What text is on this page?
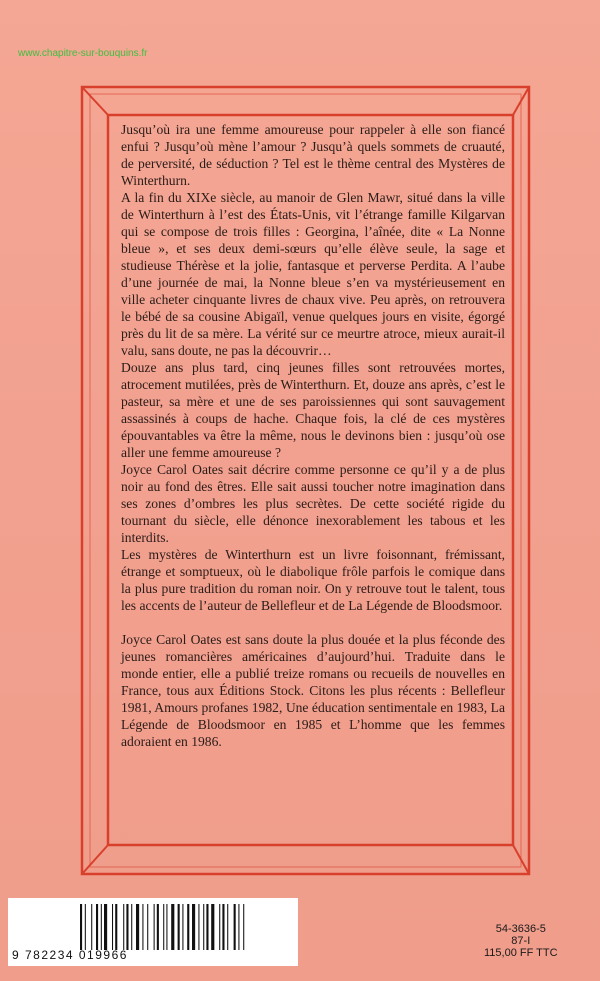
www.chapitre-sur-bouquins.fr

Jusqu’où ira une femme amoureuse pour rappeler à elle son fiancé enfui ? Jusqu’où mène l’amour ? Jusqu’à quels sommets de cruauté, de perversité, de séduction ? Tel est le thème central des Mystères de Winterthurn.

A la fin du XIXe siècle, au manoir de Glen Mawr, situé dans la ville de Winterthurn à l’est des États-Unis, vit l’étrange famille Kilgarvan qui se compose de trois filles : Georgina, l’aînée, dite « La Nonne bleue », et ses deux demi-sœurs qu’elle élève seule, la sage et studieuse Thérèse et la jolie, fantasque et perverse Perdita. A l’aube d’une journée de mai, la Nonne bleue s’en va mystérieusement en ville acheter cinquante livres de chaux vive. Peu après, on retrouvera le bébé de sa cousine Abigaïl, venue quelques jours en visite, égorgé près du lit de sa mère. La vérité sur ce meurtre atroce, mieux aurait-il valu, sans doute, ne pas la découvrir…

Douze ans plus tard, cinq jeunes filles sont retrouvées mortes, atrocement mutilées, près de Winterthurn. Et, douze ans après, c’est le pasteur, sa mère et une de ses paroissiennes qui sont sauvagement assassinés à coups de hache. Chaque fois, la clé de ces mystères épouvantables va être la même, nous le devinons bien : jusqu’où ose aller une femme amoureuse ?

Joyce Carol Oates sait décrire comme personne ce qu’il y a de plus noir au fond des êtres. Elle sait aussi toucher notre imagination dans ses zones d’ombres les plus secrètes. De cette société rigide du tournant du siècle, elle dénonce inexorablement les tabous et les interdits.

Les mystères de Winterthurn est un livre foisonnant, frémissant, étrange et somptueux, où le diabolique frôle parfois le comique dans la plus pure tradition du roman noir. On y retrouve tout le talent, tous les accents de l’auteur de Bellefleur et de La Légende de Bloodsmoor.

Joyce Carol Oates est sans doute la plus douée et la plus féconde des jeunes romancières américaines d’aujourd’hui. Traduite dans le monde entier, elle a publié treize romans ou recueils de nouvelles en France, tous aux Éditions Stock. Citons les plus récents : Bellefleur 1981, Amours profanes 1982, Une éducation sentimentale en 1983, La Légende de Bloodsmoor en 1985 et L’homme que les femmes adoraient en 1986.

9 782234 019966
54-3636-5
87-I
115,00 FF TTC
